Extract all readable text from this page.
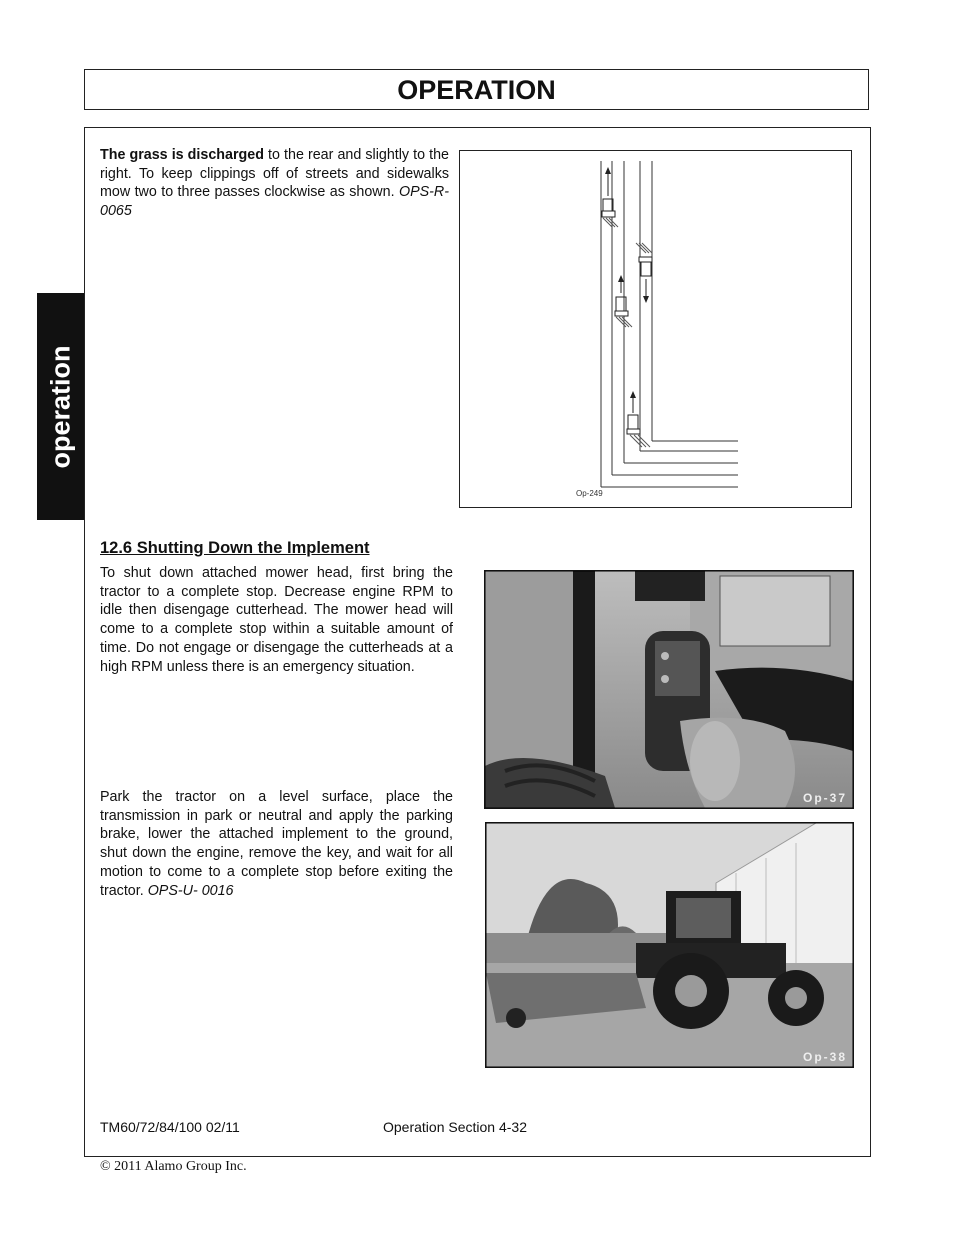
OPERATION
operation

The grass is discharged to the rear and slightly to the right. To keep clippings off of streets and sidewalks mow two to three passes clockwise as shown. OPS-R-0065

Op-249
12.6 Shutting Down the Implement

To shut down attached mower head, first bring the tractor to a complete stop. Decrease engine RPM to idle then disengage cutterhead. The mower head will come to a complete stop within a suitable amount of time. Do not engage or disengage the cutterheads at a high RPM unless there is an emergency situation.

Park the tractor on a level surface, place the transmission in park or neutral and apply the parking brake, lower the attached implement to the ground, shut down the engine, remove the key, and wait for all motion to come to a complete stop before exiting the tractor. OPS-U- 0016

Op-37
Op-38
TM60/72/84/100 02/11	Operation Section 4-32
© 2011 Alamo Group Inc.
